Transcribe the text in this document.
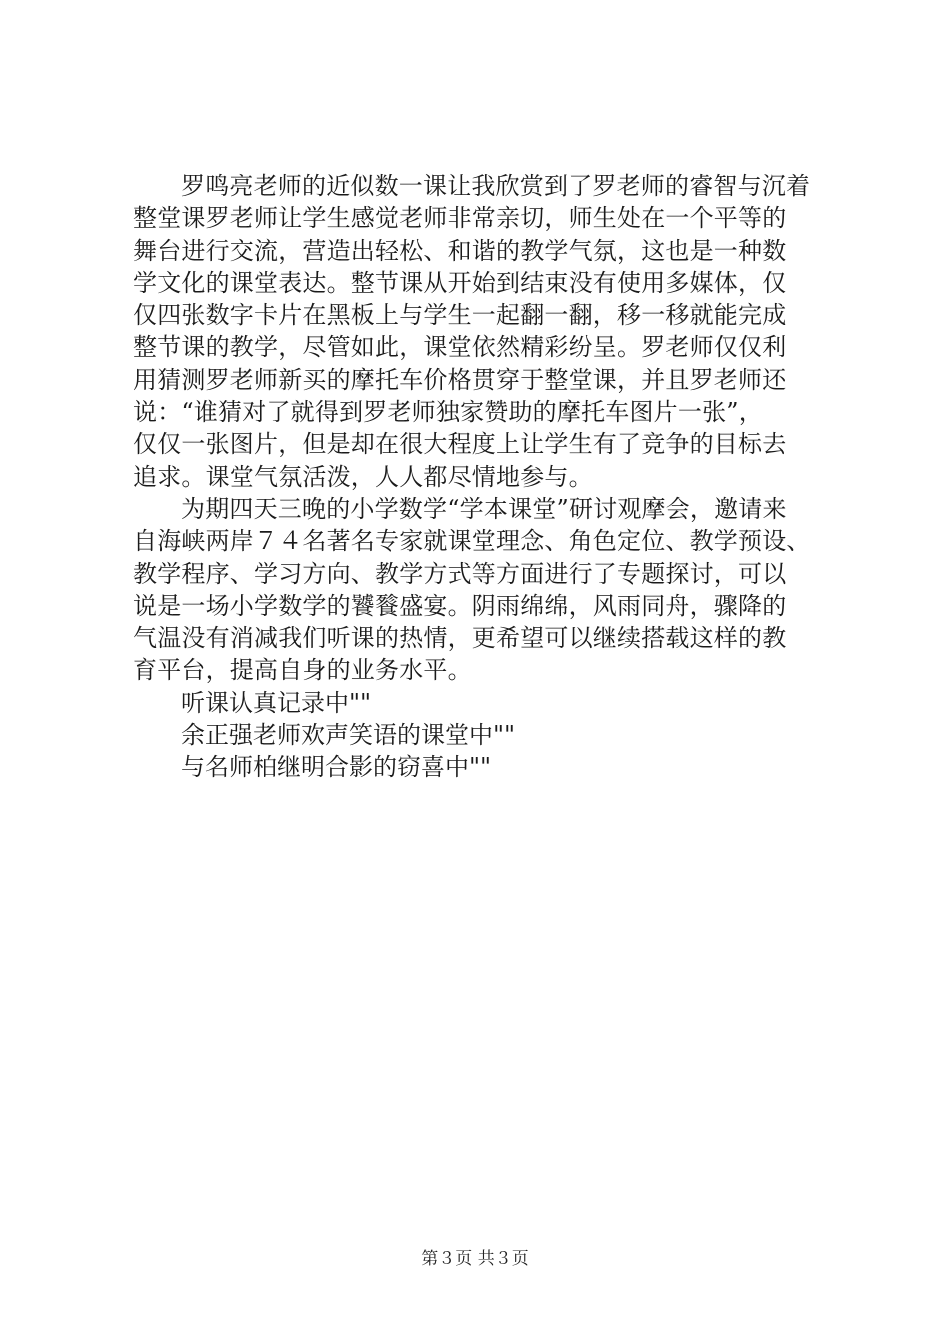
罗鸣亮老师的近似数一课让我欣赏到了罗老师的睿智与沉着
整堂课罗老师让学生感觉老师非常亲切，师生处在一个平等的
舞台进行交流，营造出轻松、和谐的教学气氛，这也是一种数
学文化的课堂表达。整节课从开始到结束没有使用多媒体，仅
仅四张数字卡片在黑板上与学生一起翻一翻，移一移就能完成
整节课的教学，尽管如此，课堂依然精彩纷呈。罗老师仅仅利
用猜测罗老师新买的摩托车价格贯穿于整堂课，并且罗老师还
说：“谁猜对了就得到罗老师独家赞助的摩托车图片一张”，
仅仅一张图片，但是却在很大程度上让学生有了竞争的目标去
追求。课堂气氛活泼，人人都尽情地参与。
为期四天三晚的小学数学“学本课堂”研讨观摩会，邀请来
自海峡两岸７４名著名专家就课堂理念、角色定位、教学预设、
教学程序、学习方向、教学方式等方面进行了专题探讨，可以
说是一场小学数学的饕餮盛宴。阴雨绵绵，风雨同舟，骤降的
气温没有消减我们听课的热情，更希望可以继续搭载这样的教
育平台，提高自身的业务水平。
听课认真记录中""
余正强老师欢声笑语的课堂中""
与名师柏继明合影的窃喜中""
第３页 共３页
